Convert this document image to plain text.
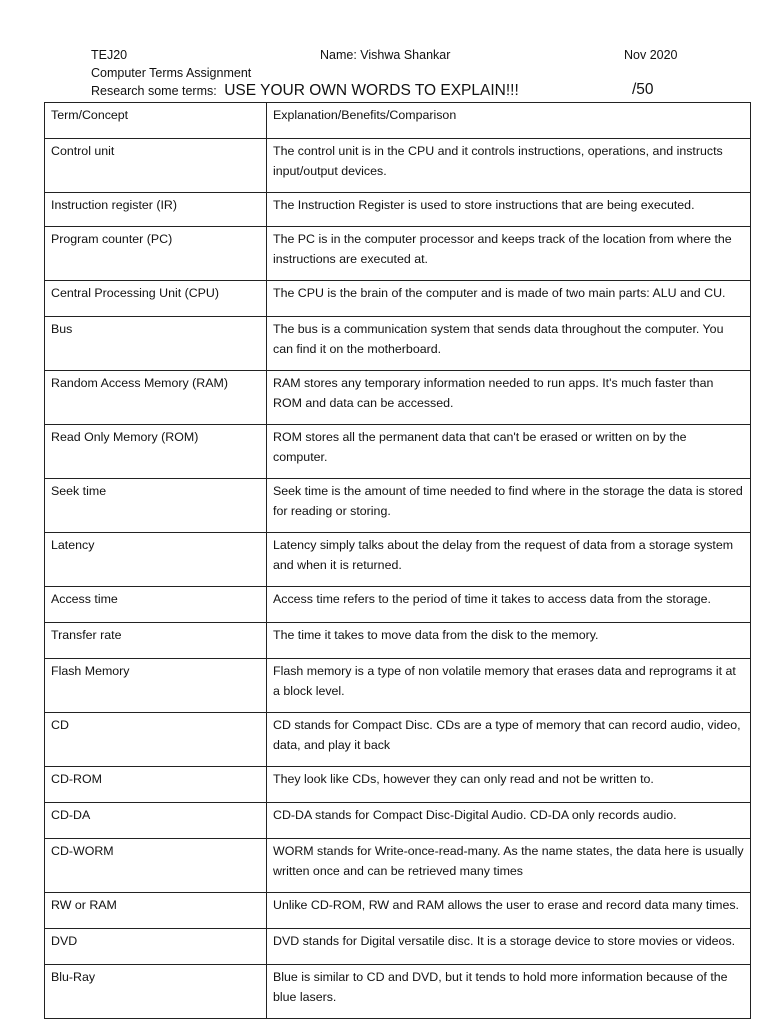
TEJ20	Name: Vishwa Shankar	Nov 2020
Computer Terms Assignment
Research some terms: USE YOUR OWN WORDS TO EXPLAIN!!!	/50
Term/Concept	Explanation/Benefits/Comparison
Control unit	The control unit is in the CPU and it controls instructions, operations, and instructs input/output devices.
Instruction register (IR)	The Instruction Register is used to store instructions that are being executed.
Program counter (PC)	The PC is in the computer processor and keeps track of the location from where the instructions are executed at.
Central Processing Unit (CPU)	The CPU is the brain of the computer and is made of two main parts: ALU and CU.
Bus	The bus is a communication system that sends data throughout the computer. You can find it on the motherboard.
Random Access Memory (RAM)	RAM stores any temporary information needed to run apps. It's much faster than ROM and data can be accessed.
Read Only Memory (ROM)	ROM stores all the permanent data that can't be erased or written on by the computer.
Seek time	Seek time is the amount of time needed to find where in the storage the data is stored for reading or storing.
Latency	Latency simply talks about the delay from the request of data from a storage system and when it is returned.
Access time	Access time refers to the period of time it takes to access data from the storage.
Transfer rate	The time it takes to move data from the disk to the memory.
Flash Memory	Flash memory is a type of non volatile memory that erases data and reprograms it at a block level.
CD	CD stands for Compact Disc. CDs are a type of memory that can record audio, video, data, and play it back
CD-ROM	They look like CDs, however they can only read and not be written to.
CD-DA	CD-DA stands for Compact Disc-Digital Audio. CD-DA only records audio.
CD-WORM	WORM stands for Write-once-read-many. As the name states, the data here is usually written once and can be retrieved many times
RW or RAM	Unlike CD-ROM, RW and RAM allows the user to erase and record data many times.
DVD	DVD stands for Digital versatile disc. It is a storage device to store movies or videos.
Blu-Ray	Blue is similar to CD and DVD, but it tends to hold more information because of the blue lasers.
